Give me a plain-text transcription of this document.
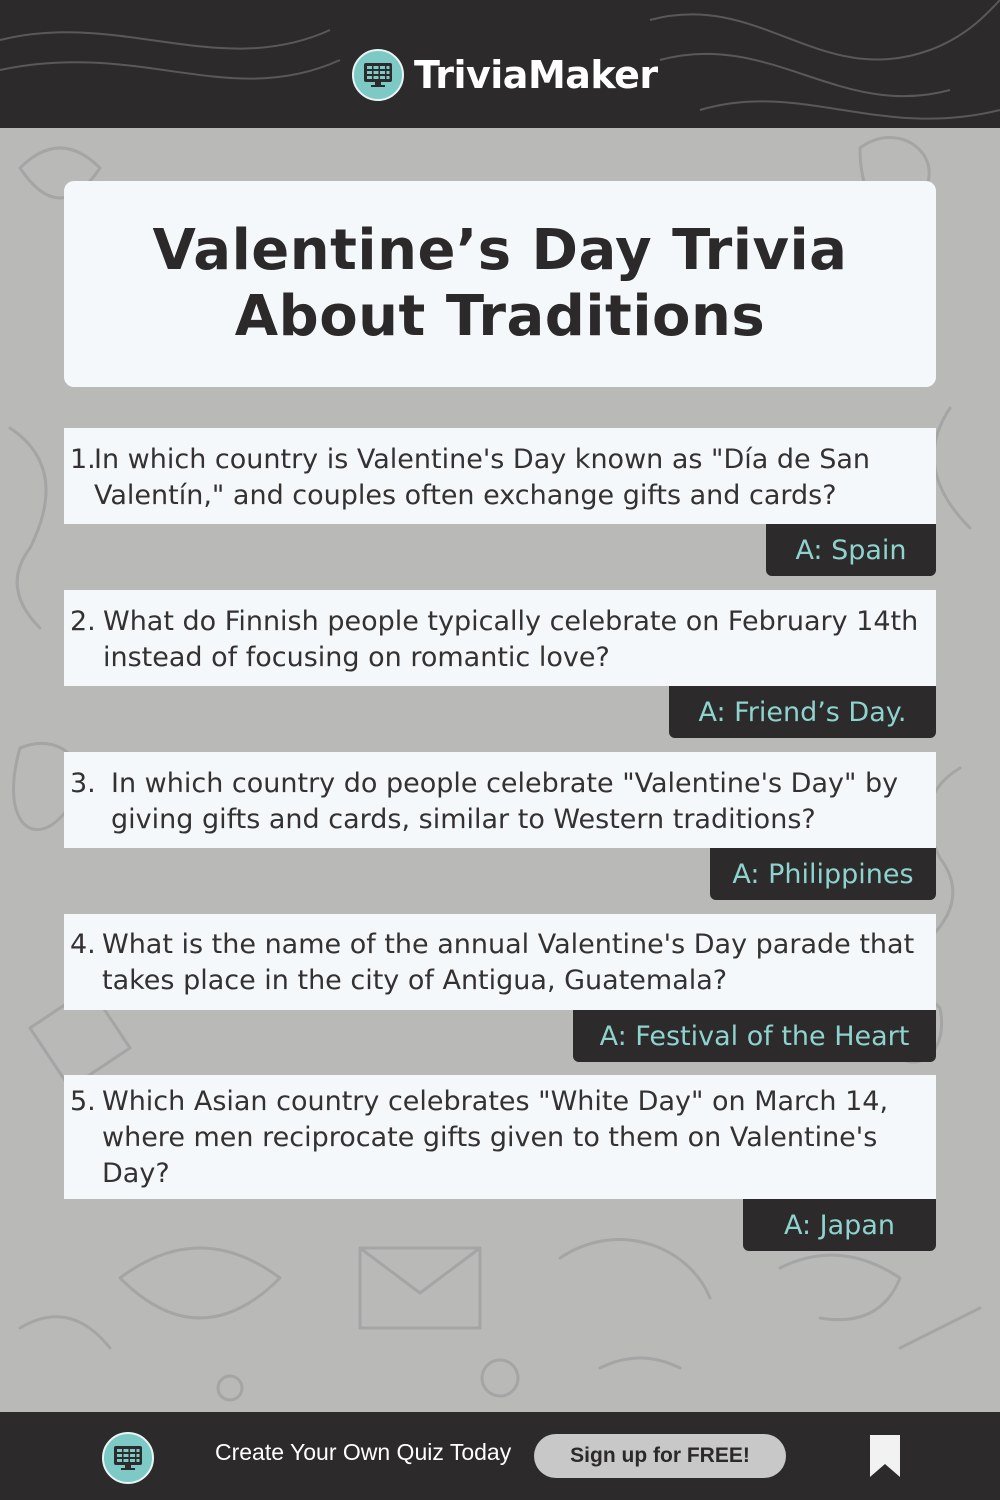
TriviaMaker
Valentine’s Day Trivia
About Traditions
1.
In which country is Valentine's Day known as "Día de San
Valentín," and couples often exchange gifts and cards?
A: Spain
2. What do Finnish people typically celebrate on February 14th
instead of focusing on romantic love?
A: Friend’s Day.
3. In which country do people celebrate "Valentine's Day" by
giving gifts and cards, similar to Western traditions?
A: Philippines
4. What is the name of the annual Valentine's Day parade that
takes place in the city of Antigua, Guatemala?
A: Festival of the Heart
5. Which Asian country celebrates "White Day" on March 14,
where men reciprocate gifts given to them on Valentine's
Day?
A: Japan
Create Your Own Quiz Today	Sign up for FREE!
